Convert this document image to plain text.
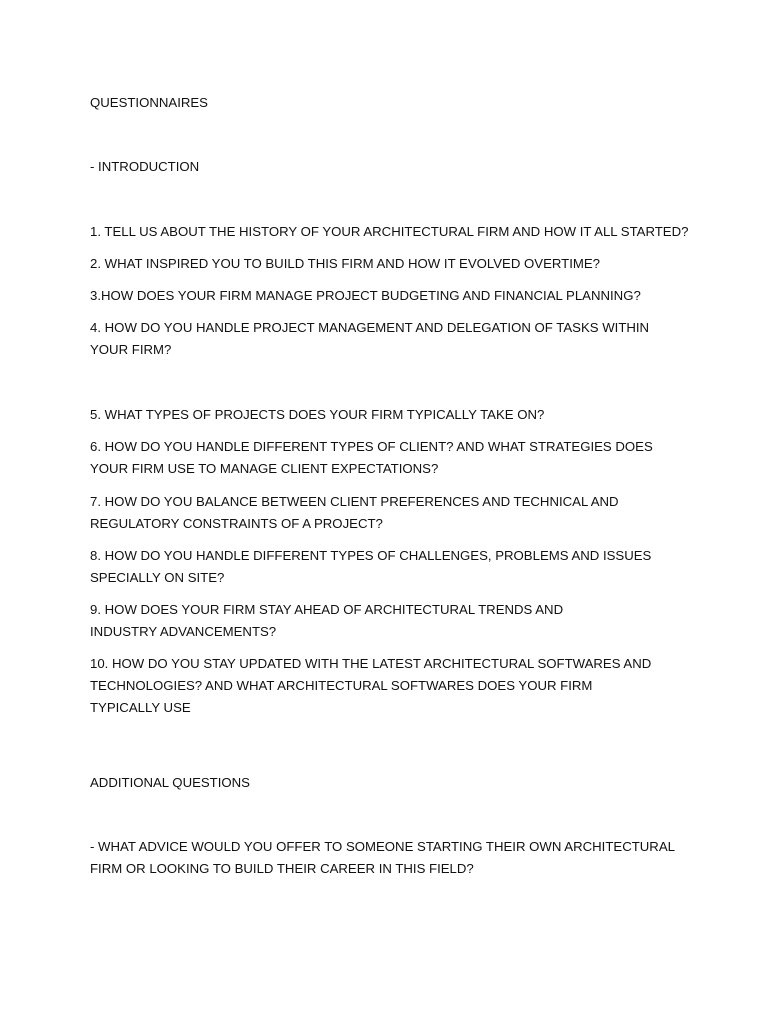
QUESTIONNAIRES

- INTRODUCTION

1. TELL US ABOUT THE HISTORY OF YOUR ARCHITECTURAL FIRM AND HOW IT ALL STARTED?

2. WHAT INSPIRED YOU TO BUILD THIS FIRM AND HOW IT EVOLVED OVERTIME?

3.HOW DOES YOUR FIRM MANAGE PROJECT BUDGETING AND FINANCIAL PLANNING?

4. HOW DO YOU HANDLE PROJECT MANAGEMENT AND DELEGATION OF TASKS WITHIN YOUR FIRM?

5. WHAT TYPES OF PROJECTS DOES YOUR FIRM TYPICALLY TAKE ON?

6. HOW DO YOU HANDLE DIFFERENT TYPES OF CLIENT? AND WHAT STRATEGIES DOES YOUR FIRM USE TO MANAGE CLIENT EXPECTATIONS?

7. HOW DO YOU BALANCE BETWEEN CLIENT PREFERENCES AND TECHNICAL AND REGULATORY CONSTRAINTS OF A PROJECT?

8. HOW DO YOU HANDLE DIFFERENT TYPES OF CHALLENGES, PROBLEMS AND ISSUES SPECIALLY ON SITE?

9. HOW DOES YOUR FIRM STAY AHEAD OF ARCHITECTURAL TRENDS AND INDUSTRY ADVANCEMENTS?

10. HOW DO YOU STAY UPDATED WITH THE LATEST ARCHITECTURAL SOFTWARES AND TECHNOLOGIES? AND WHAT ARCHITECTURAL SOFTWARES DOES YOUR FIRM TYPICALLY USE

ADDITIONAL QUESTIONS

- WHAT ADVICE WOULD YOU OFFER TO SOMEONE STARTING THEIR OWN ARCHITECTURAL FIRM OR LOOKING TO BUILD THEIR CAREER IN THIS FIELD?
